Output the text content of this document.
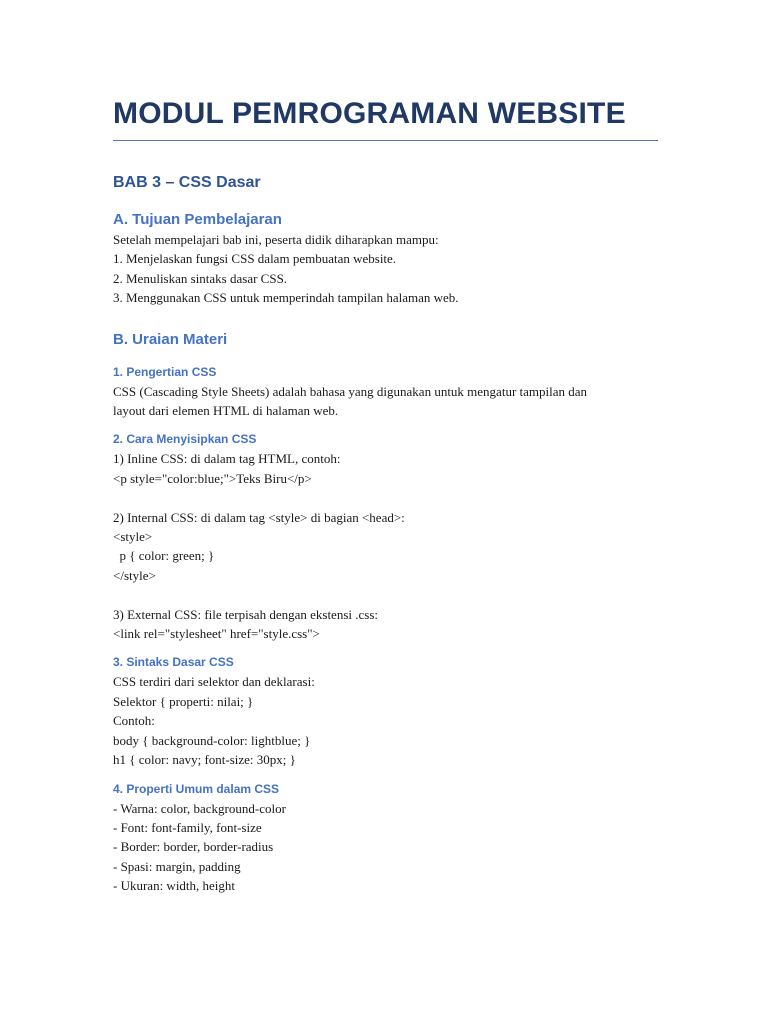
MODUL PEMROGRAMAN WEBSITE
BAB 3 – CSS Dasar
A. Tujuan Pembelajaran

Setelah mempelajari bab ini, peserta didik diharapkan mampu:

1. Menjelaskan fungsi CSS dalam pembuatan website.

2. Menuliskan sintaks dasar CSS.

3. Menggunakan CSS untuk memperindah tampilan halaman web.

B. Uraian Materi
1. Pengertian CSS

CSS (Cascading Style Sheets) adalah bahasa yang digunakan untuk mengatur tampilan dan

layout dari elemen HTML di halaman web.

2. Cara Menyisipkan CSS

1) Inline CSS: di dalam tag HTML, contoh:

<p style="color:blue;">Teks Biru</p>

2) Internal CSS: di dalam tag <style> di bagian <head>:

<style>

p { color: green; }

</style>

3) External CSS: file terpisah dengan ekstensi .css:

<link rel="stylesheet" href="style.css">

3. Sintaks Dasar CSS

CSS terdiri dari selektor dan deklarasi:

Selektor { properti: nilai; }

Contoh:

body { background-color: lightblue; }

h1 { color: navy; font-size: 30px; }

4. Properti Umum dalam CSS

- Warna: color, background-color

- Font: font-family, font-size

- Border: border, border-radius

- Spasi: margin, padding

- Ukuran: width, height
